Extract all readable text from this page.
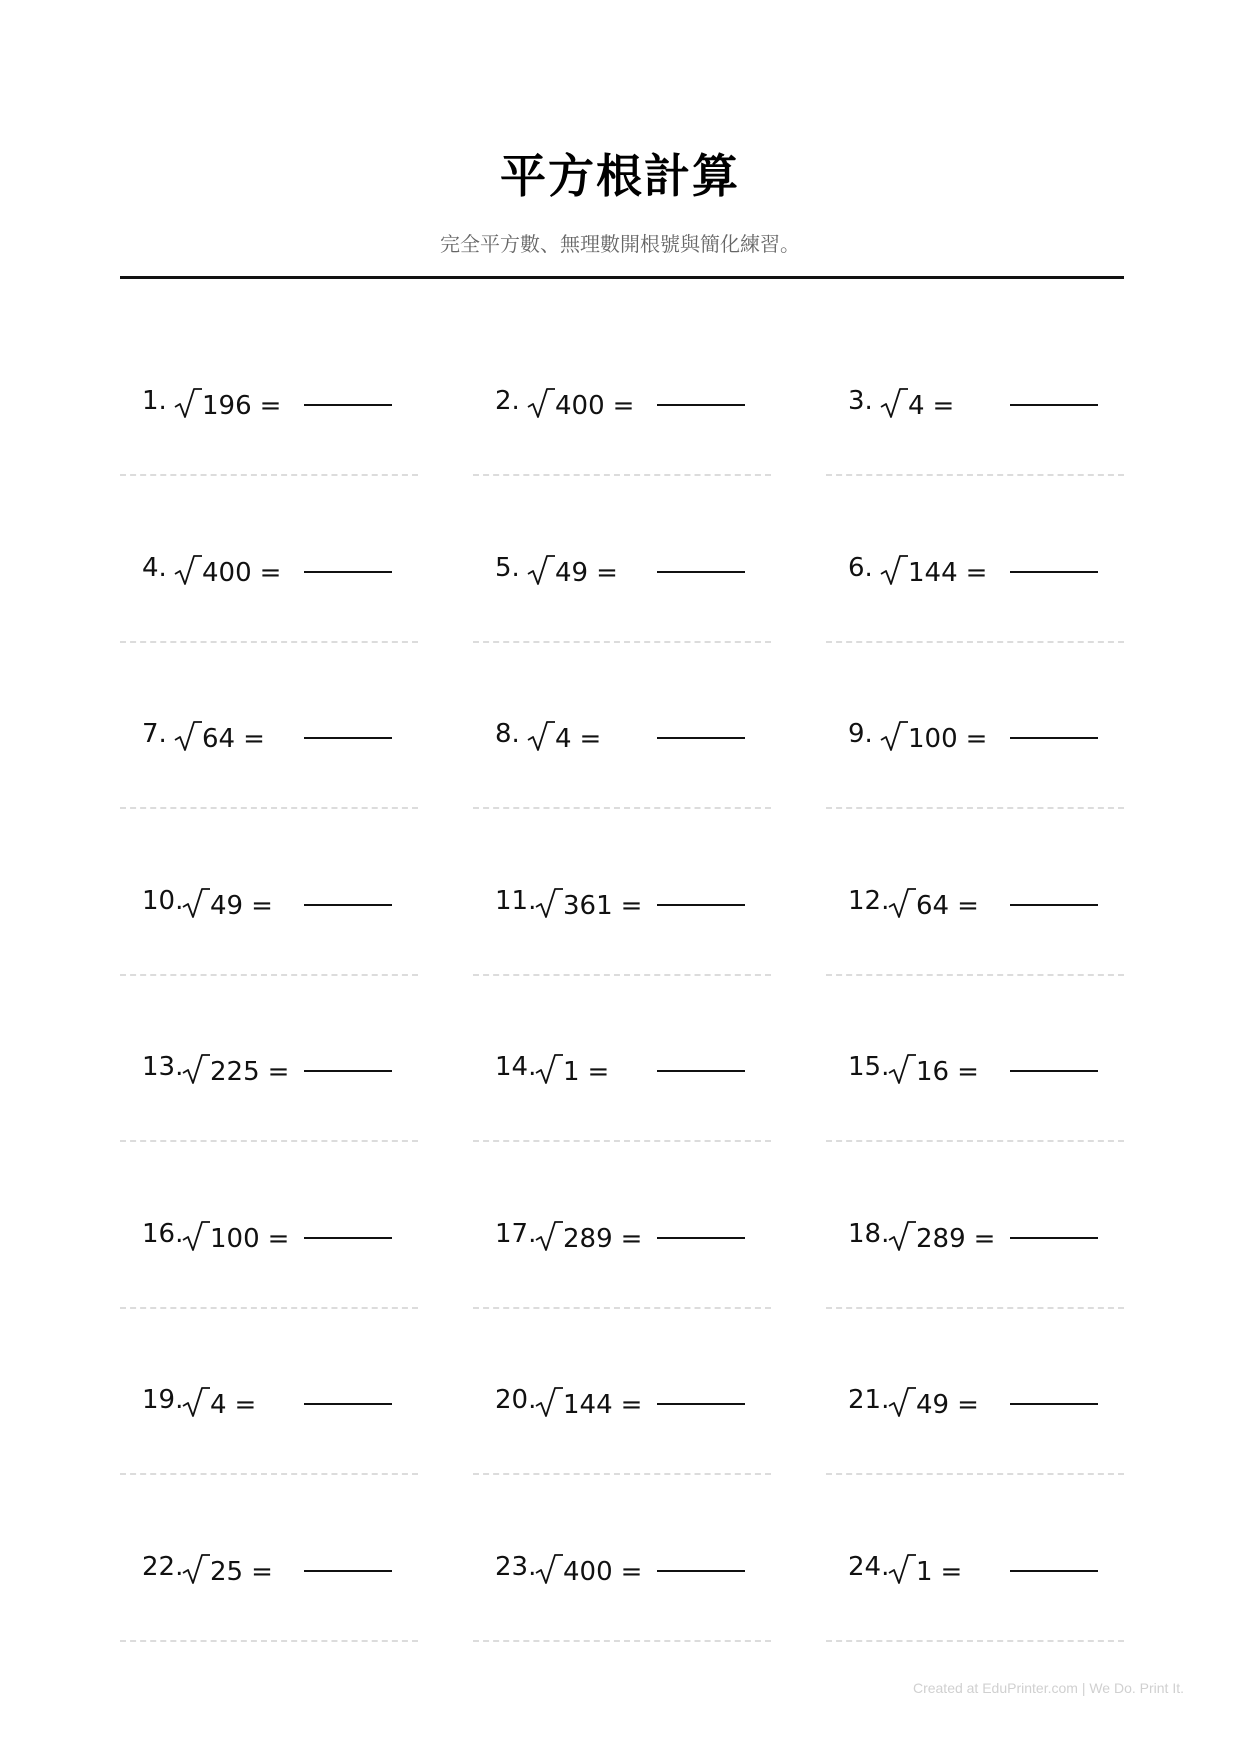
平方根計算
完全平方數、無理數開根號與簡化練習。
1.	196 =	2.	400 =	3.	4 =
4.	400 =	5.	49 =	6.	144 =
7.	64 =	8.	4 =	9.	100 =
10.	49 =	11.	361 =	12.	64 =
13.	225 =	14.	1 =	15.	16 =
16.	100 =	17.	289 =	18.	289 =
19.	4 =	20.	144 =	21.	49 =
22.	25 =	23.	400 =	24.	1 =
Created at EduPrinter.com | We Do. Print It.
